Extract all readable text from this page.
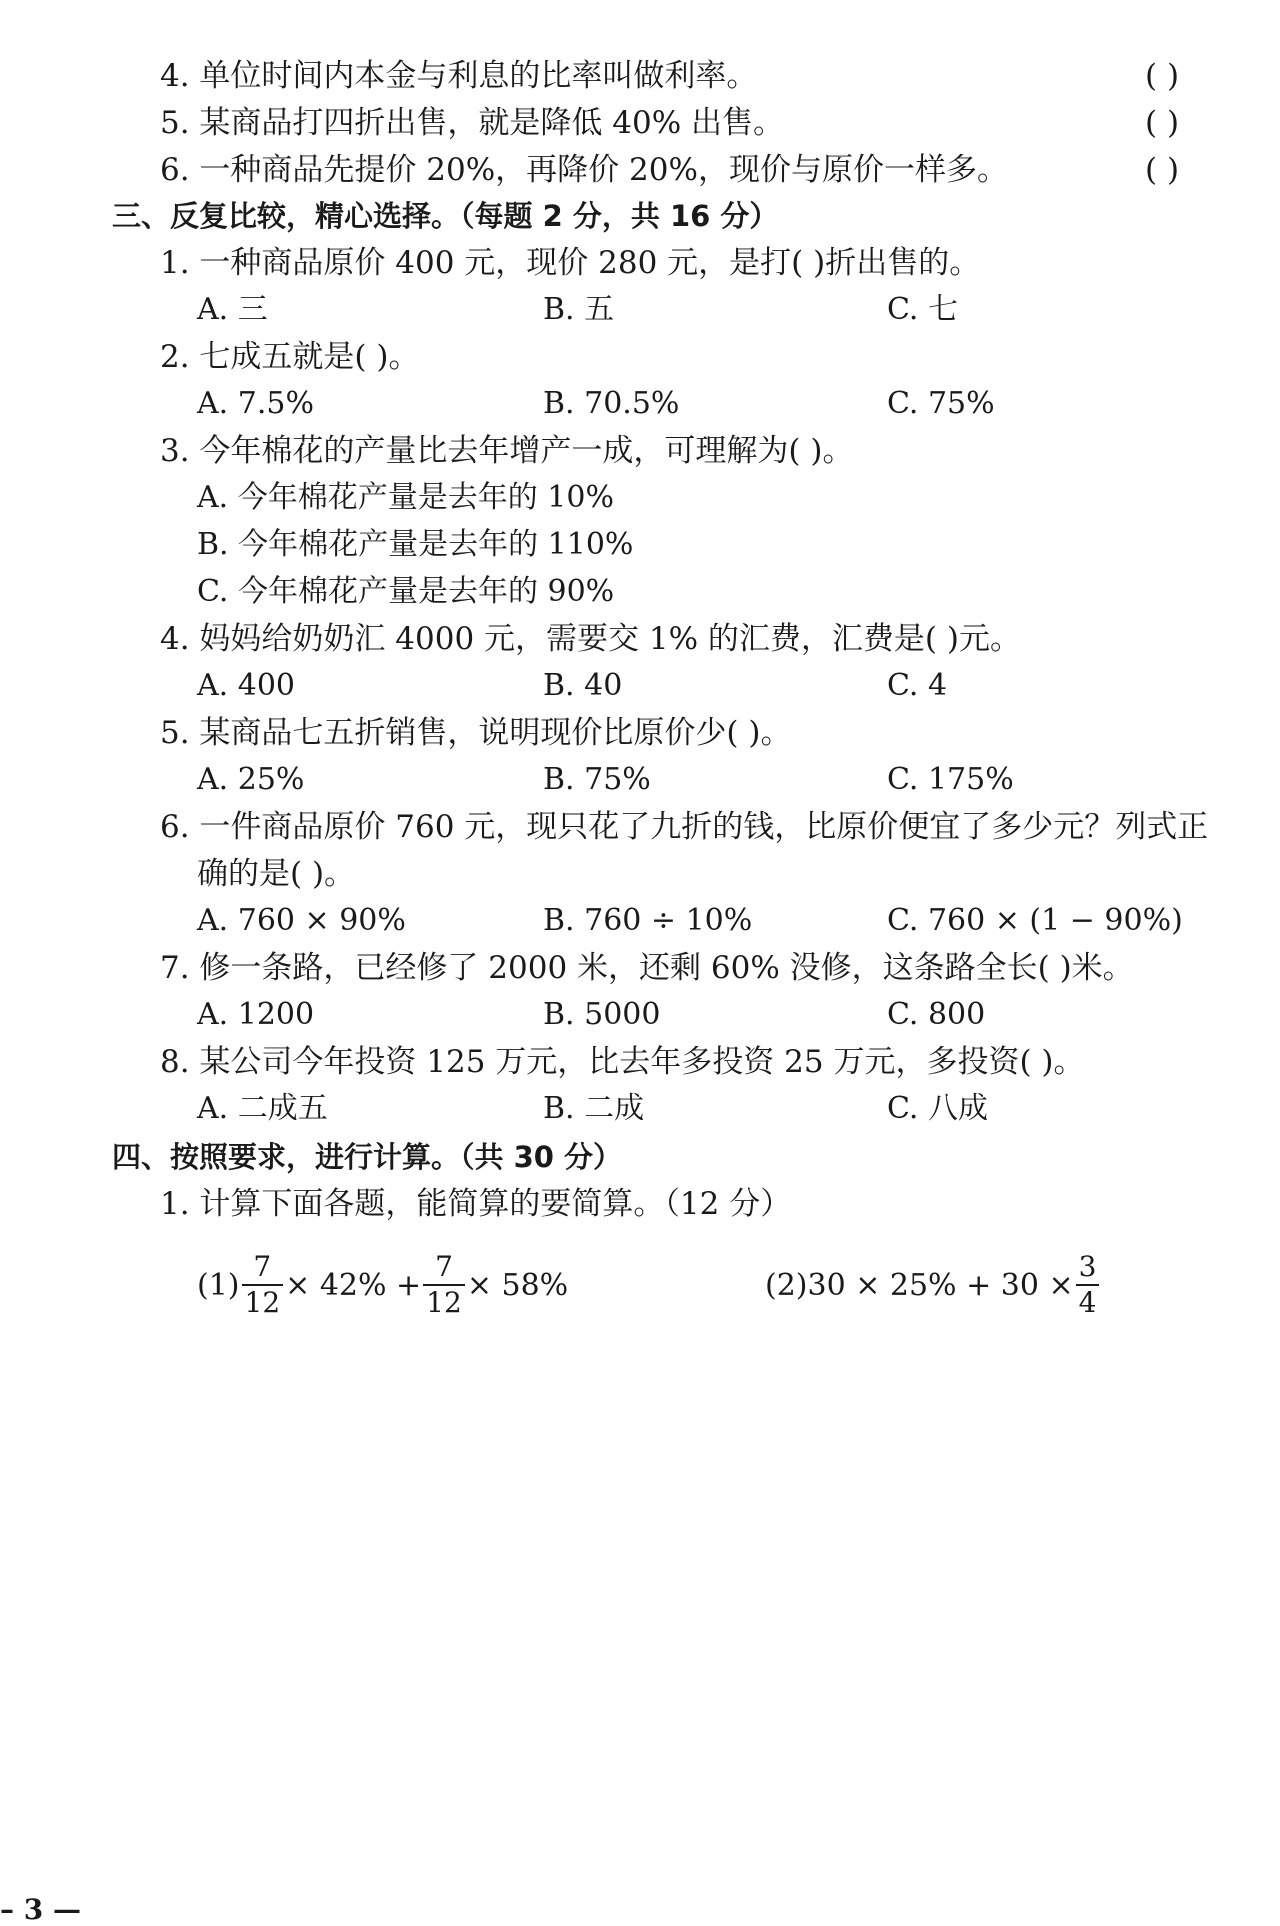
4. 单位时间内本金与利息的比率叫做利率。	( )
5. 某商品打四折出售，就是降低 40% 出售。	( )
6. 一种商品先提价 20%，再降价 20%，现价与原价一样多。	( )
三、反复比较，精心选择。（每题 2 分，共 16 分）
1. 一种商品原价 400 元，现价 280 元，是打( )折出售的。
A. 三	B. 五	C. 七
2. 七成五就是( )。
A. 7.5%	B. 70.5%	C. 75%
3. 今年棉花的产量比去年增产一成，可理解为( )。
A. 今年棉花产量是去年的 10%
B. 今年棉花产量是去年的 110%
C. 今年棉花产量是去年的 90%
4. 妈妈给奶奶汇 4000 元，需要交 1% 的汇费，汇费是( )元。
A. 400	B. 40	C. 4
5. 某商品七五折销售，说明现价比原价少( )。
A. 25%	B. 75%	C. 175%
6. 一件商品原价 760 元，现只花了九折的钱，比原价便宜了多少元？列式正
确的是( )。
A. 760 × 90%	B. 760 ÷ 10%	C. 760 × (1 − 90%)
7. 修一条路，已经修了 2000 米，还剩 60% 没修，这条路全长( )米。
A. 1200	B. 5000	C. 800
8. 某公司今年投资 125 万元，比去年多投资 25 万元，多投资( )。
A. 二成五	B. 二成	C. 八成
四、按照要求，进行计算。（共 30 分）
1. 计算下面各题，能简算的要简算。（12 分）
$(1) \frac{7}{12} \times 42\% + \frac{7}{12} \times 58\%$	(2) $30 \times 25\% + 30 \times \frac{3}{4}$
– 3 —
